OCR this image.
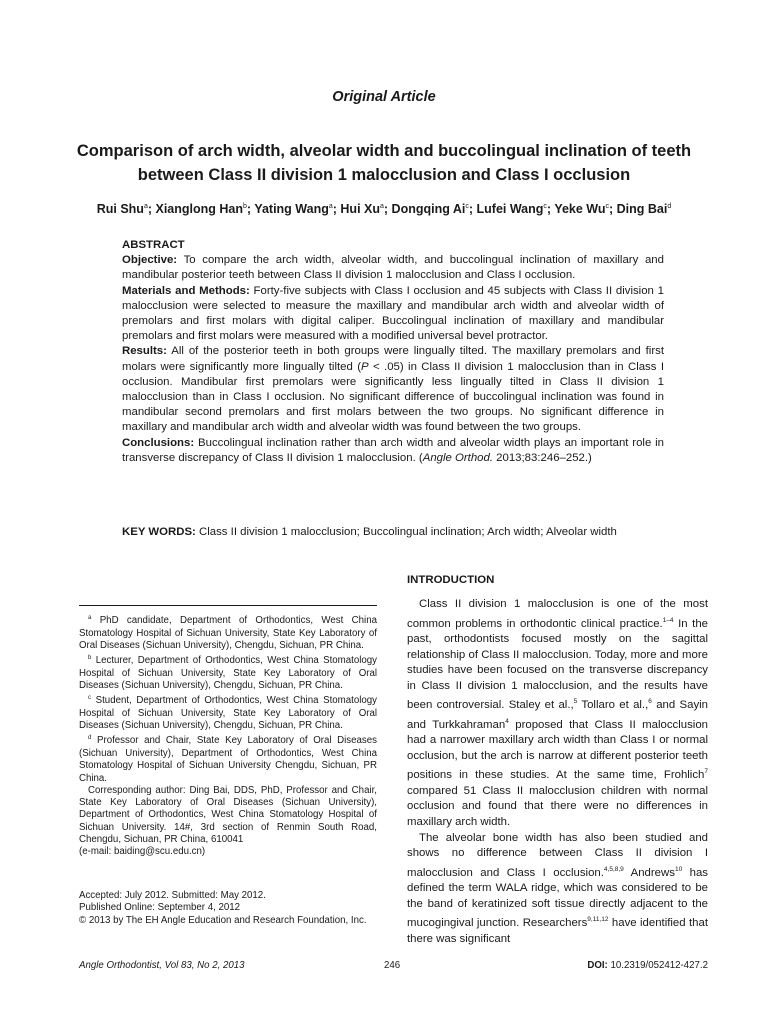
Original Article
Comparison of arch width, alveolar width and buccolingual inclination of teeth between Class II division 1 malocclusion and Class I occlusion
Rui Shu$^a$; Xianglong Han$^b$; Yating Wang$^a$; Hui Xu$^a$; Dongqing Ai$^c$; Lufei Wang$^c$; Yeke Wu$^c$; Ding Bai$^d$
ABSTRACT

Objective: To compare the arch width, alveolar width, and buccolingual inclination of maxillary and mandibular posterior teeth between Class II division 1 malocclusion and Class I occlusion.

Materials and Methods: Forty-five subjects with Class I occlusion and 45 subjects with Class II division 1 malocclusion were selected to measure the maxillary and mandibular arch width and alveolar width of premolars and first molars with digital caliper. Buccolingual inclination of maxillary and mandibular premolars and first molars were measured with a modified universal bevel protractor.

Results: All of the posterior teeth in both groups were lingually tilted. The maxillary premolars and first molars were significantly more lingually tilted (P < .05) in Class II division 1 malocclusion than in Class I occlusion. Mandibular first premolars were significantly less lingually tilted in Class II division 1 malocclusion than in Class I occlusion. No significant difference of buccolingual inclination was found in mandibular second premolars and first molars between the two groups. No significant difference in maxillary and mandibular arch width and alveolar width was found between the two groups.

Conclusions: Buccolingual inclination rather than arch width and alveolar width plays an important role in transverse discrepancy of Class II division 1 malocclusion. (Angle Orthod. 2013;83:246–252.)

KEY WORDS: Class II division 1 malocclusion; Buccolingual inclination; Arch width; Alveolar width

$^a$ PhD candidate, Department of Orthodontics, West China Stomatology Hospital of Sichuan University, State Key Laboratory of Oral Diseases (Sichuan University), Chengdu, Sichuan, PR China.

$^b$ Lecturer, Department of Orthodontics, West China Stomatology Hospital of Sichuan University, State Key Laboratory of Oral Diseases (Sichuan University), Chengdu, Sichuan, PR China.

$^c$ Student, Department of Orthodontics, West China Stomatology Hospital of Sichuan University, State Key Laboratory of Oral Diseases (Sichuan University), Chengdu, Sichuan, PR China.

$^d$ Professor and Chair, State Key Laboratory of Oral Diseases (Sichuan University), Department of Orthodontics, West China Stomatology Hospital of Sichuan University Chengdu, Sichuan, PR China.

Corresponding author: Ding Bai, DDS, PhD, Professor and Chair, State Key Laboratory of Oral Diseases (Sichuan University), Department of Orthodontics, West China Stomatology Hospital of Sichuan University. 14#, 3rd section of Renmin South Road, Chengdu, Sichuan, PR China, 610041

(e-mail: baiding@scu.edu.cn)

Accepted: July 2012. Submitted: May 2012.

Published Online: September 4, 2012

© 2013 by The EH Angle Education and Research Foundation, Inc.

INTRODUCTION

Class II division 1 malocclusion is one of the most common problems in orthodontic clinical practice.$^{1-4}$ In the past, orthodontists focused mostly on the sagittal relationship of Class II malocclusion. Today, more and more studies have been focused on the transverse discrepancy in Class II division 1 malocclusion, and the results have been controversial. Staley et al.,$^5$ Tollaro et al.,$^6$ and Sayin and Turkkahraman$^4$ proposed that Class II malocclusion had a narrower maxillary arch width than Class I or normal occlusion, but the arch is narrow at different posterior teeth positions in these studies. At the same time, Frohlich$^7$ compared 51 Class II malocclusion children with normal occlusion and found that there were no differences in maxillary arch width.

The alveolar bone width has also been studied and shows no difference between Class II division I malocclusion and Class I occlusion.$^{4,5,8,9}$ Andrews$^{10}$ has defined the term WALA ridge, which was considered to be the band of keratinized soft tissue directly adjacent to the mucogingival junction. Researchers$^{9,11,12}$ have identified that there was significant

Angle Orthodontist, Vol 83, No 2, 2013	246	DOI: 10.2319/052412-427.2
